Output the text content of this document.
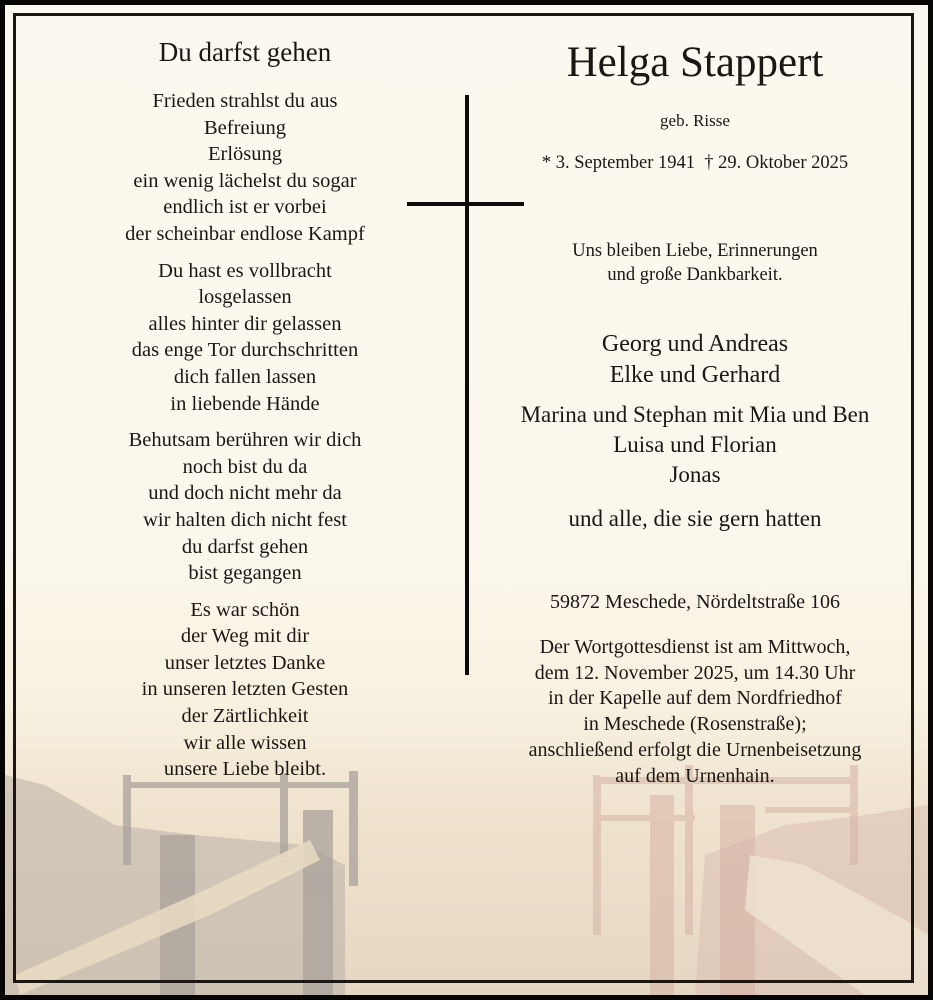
Du darfst gehen
Frieden strahlst du aus
Befreiung
Erlösung
ein wenig lächelst du sogar
endlich ist er vorbei
der scheinbar endlose Kampf
Du hast es vollbracht
losgelassen
alles hinter dir gelassen
das enge Tor durchschritten
dich fallen lassen
in liebende Hände
Behutsam berühren wir dich
noch bist du da
und doch nicht mehr da
wir halten dich nicht fest
du darfst gehen
bist gegangen
Es war schön
der Weg mit dir
unser letztes Danke
in unseren letzten Gesten
der Zärtlichkeit
wir alle wissen
unsere Liebe bleibt.
Helga Stappert
geb. Risse
* 3. September 1941  † 29. Oktober 2025
Uns bleiben Liebe, Erinnerungen
und große Dankbarkeit.
Georg und Andreas
Elke und Gerhard
Marina und Stephan mit Mia und Ben
Luisa und Florian
Jonas
und alle, die sie gern hatten
59872 Meschede, Nördeltstraße 106
Der Wortgottesdienst ist am Mittwoch,
dem 12. November 2025, um 14.30 Uhr
in der Kapelle auf dem Nordfriedhof
in Meschede (Rosenstraße);
anschließend erfolgt die Urnenbeisetzung
auf dem Urnenhain.
